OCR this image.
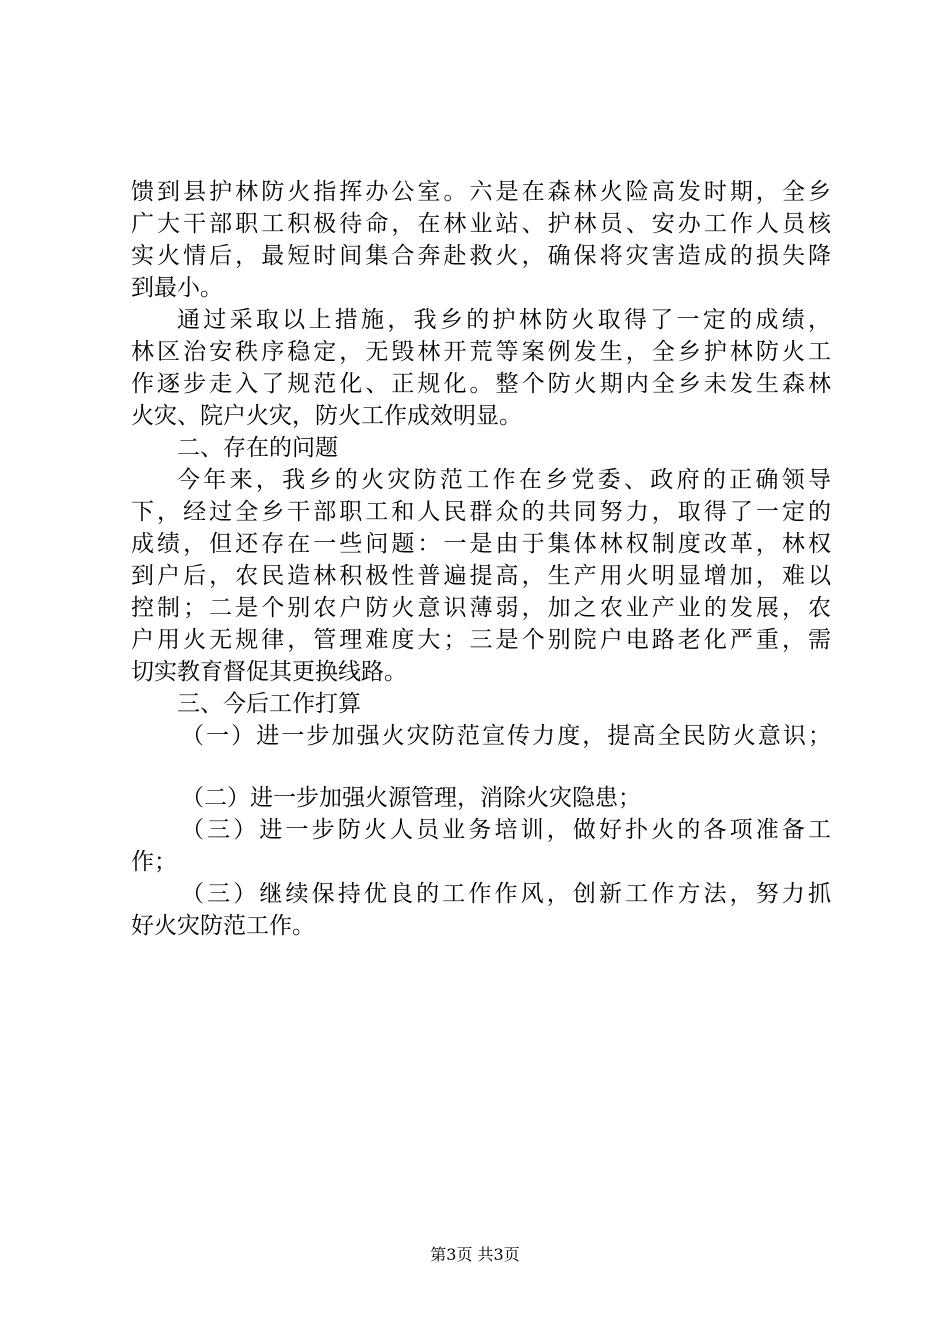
馈到县护林防火指挥办公室。六是在森林火险高发时期，全乡
广大干部职工积极待命，在林业站、护林员、安办工作人员核
实火情后，最短时间集合奔赴救火，确保将灾害造成的损失降
到最小。
通过采取以上措施，我乡的护林防火取得了一定的成绩，
林区治安秩序稳定，无毁林开荒等案例发生，全乡护林防火工
作逐步走入了规范化、正规化。整个防火期内全乡未发生森林
火灾、院户火灾，防火工作成效明显。
二、存在的问题
今年来，我乡的火灾防范工作在乡党委、政府的正确领导
下，经过全乡干部职工和人民群众的共同努力，取得了一定的
成绩，但还存在一些问题：一是由于集体林权制度改革，林权
到户后，农民造林积极性普遍提高，生产用火明显增加，难以
控制；二是个别农户防火意识薄弱，加之农业产业的发展，农
户用火无规律，管理难度大；三是个别院户电路老化严重，需
切实教育督促其更换线路。
三、今后工作打算
（一）进一步加强火灾防范宣传力度，提高全民防火意识；
（二）进一步加强火源管理，消除火灾隐患；
（三）进一步防火人员业务培训，做好扑火的各项准备工
作；
（三）继续保持优良的工作作风，创新工作方法，努力抓
好火灾防范工作。
第3页 共3页
